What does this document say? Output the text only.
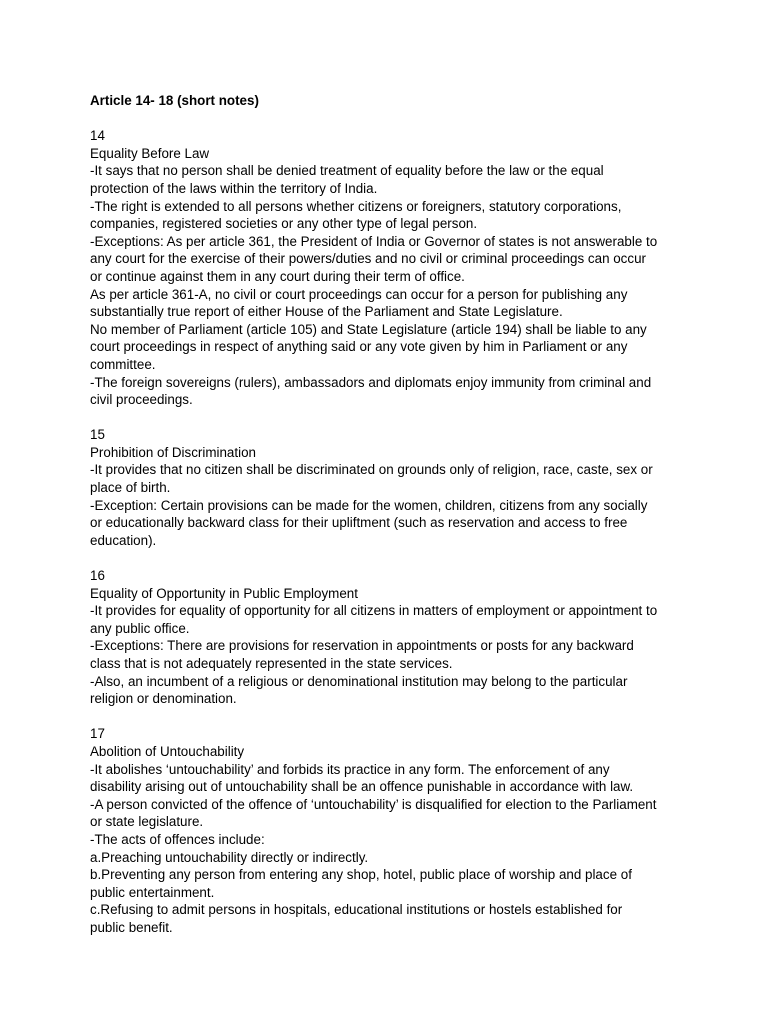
Article 14- 18 (short notes)

14

Equality Before Law

-It says that no person shall be denied treatment of equality before the law or the equal

protection of the laws within the territory of India.

-The right is extended to all persons whether citizens or foreigners, statutory corporations,

companies, registered societies or any other type of legal person.

-Exceptions: As per article 361, the President of India or Governor of states is not answerable to

any court for the exercise of their powers/duties and no civil or criminal proceedings can occur

or continue against them in any court during their term of office.

As per article 361-A, no civil or court proceedings can occur for a person for publishing any

substantially true report of either House of the Parliament and State Legislature.

No member of Parliament (article 105) and State Legislature (article 194) shall be liable to any

court proceedings in respect of anything said or any vote given by him in Parliament or any

committee.

-The foreign sovereigns (rulers), ambassadors and diplomats enjoy immunity from criminal and

civil proceedings.

15

Prohibition of Discrimination

-It provides that no citizen shall be discriminated on grounds only of religion, race, caste, sex or

place of birth.

-Exception: Certain provisions can be made for the women, children, citizens from any socially

or educationally backward class for their upliftment (such as reservation and access to free

education).

16

Equality of Opportunity in Public Employment

-It provides for equality of opportunity for all citizens in matters of employment or appointment to

any public office.

-Exceptions: There are provisions for reservation in appointments or posts for any backward

class that is not adequately represented in the state services.

-Also, an incumbent of a religious or denominational institution may belong to the particular

religion or denomination.

17

Abolition of Untouchability

-It abolishes ‘untouchability’ and forbids its practice in any form. The enforcement of any

disability arising out of untouchability shall be an offence punishable in accordance with law.

-A person convicted of the offence of ‘untouchability’ is disqualified for election to the Parliament

or state legislature.

-The acts of offences include:

a.Preaching untouchability directly or indirectly.

b.Preventing any person from entering any shop, hotel, public place of worship and place of

public entertainment.

c.Refusing to admit persons in hospitals, educational institutions or hostels established for

public benefit.
